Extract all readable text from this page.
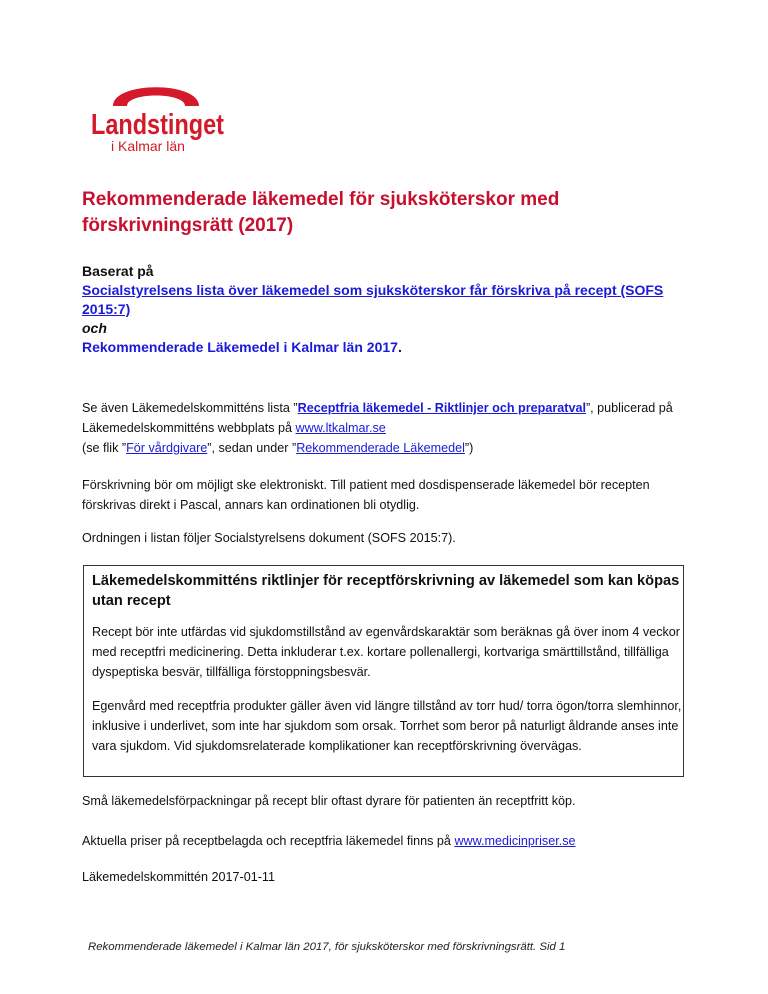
Landstinget
i Kalmar län
Rekommenderade läkemedel för sjuksköterskor med förskrivningsrätt (2017)
Baserat på
Socialstyrelsens lista över läkemedel som sjuksköterskor får förskriva på recept (SOFS 2015:7)
och
Rekommenderade Läkemedel i Kalmar län 2017.

Se även Läkemedelskommitténs lista ”Receptfria läkemedel - Riktlinjer och preparatval”, publicerad på Läkemedelskommitténs webbplats på www.ltkalmar.se
(se flik ”För vårdgivare”, sedan under ”Rekommenderade Läkemedel”)

Förskrivning bör om möjligt ske elektroniskt. Till patient med dosdispenserade läkemedel bör recepten förskrivas direkt i Pascal, annars kan ordinationen bli otydlig.

Ordningen i listan följer Socialstyrelsens dokument (SOFS 2015:7).

Läkemedelskommitténs riktlinjer för receptförskrivning av läkemedel som kan köpas utan recept

Recept bör inte utfärdas vid sjukdomstillstånd av egenvårdskaraktär som beräknas gå över inom 4 veckor med receptfri medicinering. Detta inkluderar t.ex. kortare pollenallergi, kortvariga smärttillstånd, tillfälliga dyspeptiska besvär, tillfälliga förstoppningsbesvär.

Egenvård med receptfria produkter gäller även vid längre tillstånd av torr hud/ torra ögon/torra slemhinnor, inklusive i underlivet, som inte har sjukdom som orsak. Torrhet som beror på naturligt åldrande anses inte vara sjukdom. Vid sjukdomsrelaterade komplikationer kan receptförskrivning övervägas.

Små läkemedelsförpackningar på recept blir oftast dyrare för patienten än receptfritt köp.

Aktuella priser på receptbelagda och receptfria läkemedel finns på www.medicinpriser.se

Läkemedelskommittén 2017-01-11

Rekommenderade läkemedel i Kalmar län 2017, för sjuksköterskor med förskrivningsrätt. Sid 1
